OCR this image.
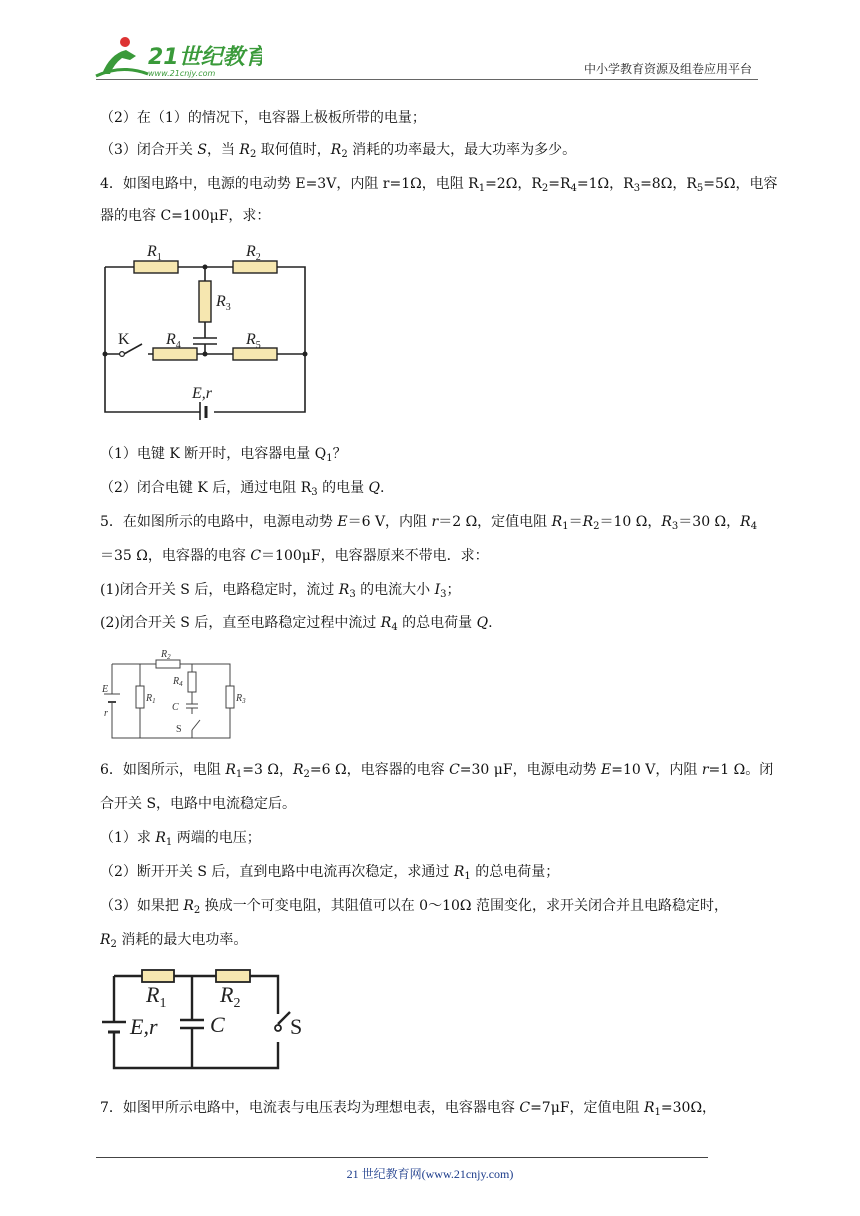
21世纪教育
www.21cnjy.com	中小学教育资源及组卷应用平台
（2）在（1）的情况下，电容器上极板所带的电量；
（3）闭合开关 S，当 $R_2$ 取何值时，$R_2$ 消耗的功率最大，最大功率为多少。
4．如图电路中，电源的电动势 E=3V，内阻 r=1Ω，电阻 $R_1=2\Omega$，$R_2=R_4=1\Omega$，$R_3=8\Omega$，$R_5=5\Omega$，电容
器的电容 C=100μF，求：
$R_1$	$R_2$
$R_3$
$R_4$	$R_5$
E,r
K
（1）电键 K 断开时，电容器电量 $Q_1$？
（2）闭合电键 K 后，通过电阻 $R_3$ 的电量 Q.
5．在如图所示的电路中，电源电动势 E＝6 V，内阻 r＝2 Ω，定值电阻 $R_1=R_2=10$ Ω，$R_3=30$ Ω，$R_4$
＝35 Ω，电容器的电容 C＝100μF，电容器原来不带电．求：
(1)闭合开关 S 后，电路稳定时，流过 $R_3$ 的电流大小 $I_3$；
(2)闭合开关 S 后，直至电路稳定过程中流过 $R_4$ 的总电荷量 Q.
$R_2$
$R_1$
$R_4$
$R_3$
E
r
C
S
6．如图所示，电阻 $R_1=3$ Ω，$R_2=6$ Ω，电容器的电容 C=30 μF，电源电动势 E=10 V，内阻 r=1 Ω。闭
合开关 S，电路中电流稳定后。
（1）求 $R_1$ 两端的电压；
（2）断开开关 S 后，直到电路中电流再次稳定，求通过 $R_1$ 的总电荷量；
（3）如果把 $R_2$ 换成一个可变电阻，其阻值可以在 0～10Ω 范围变化，求开关闭合并且电路稳定时，
$R_2$ 消耗的最大电功率。
$R_1$ $R_2$
E,r C	S
7．如图甲所示电路中，电流表与电压表均为理想电表，电容器电容 C=7μF，定值电阻 $R_1=30\Omega$，
21 世纪教育网(www.21cnjy.com)
